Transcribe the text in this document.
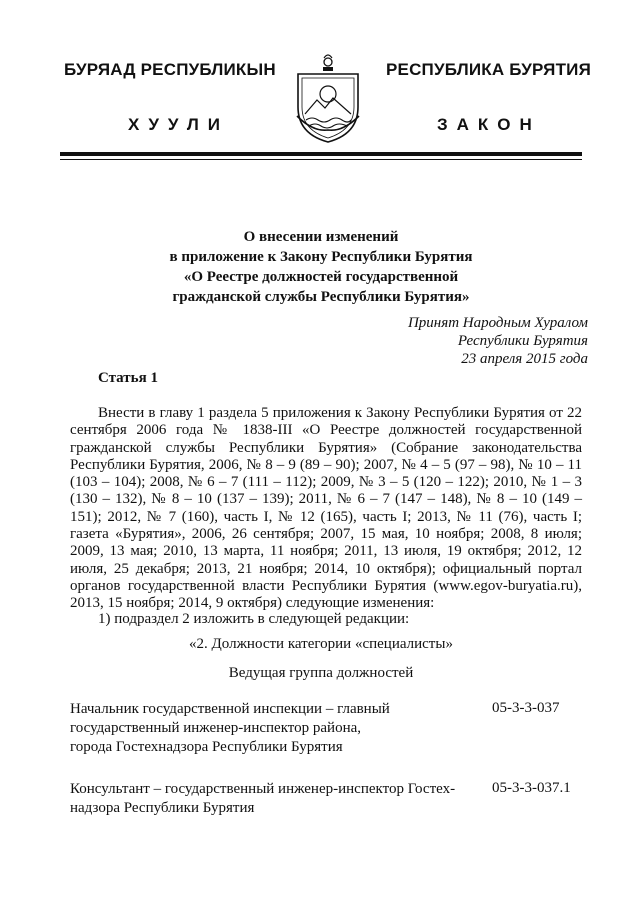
БУРЯАД РЕСПУБЛИКЫН
ХУУЛИ
РЕСПУБЛИКА БУРЯТИЯ
ЗАКОН
О внесении изменений
в приложение к Закону Республики Бурятия
«О Реестре должностей государственной
гражданской службы Республики Бурятия»
Принят Народным Хуралом
Республики Бурятия
23 апреля 2015 года
Статья 1

Внести в главу 1 раздела 5 приложения к Закону Республики Бурятия от 22 сентября 2006 года № 1838-III «О Реестре должностей государственной гражданской службы Республики Бурятия» (Собрание законодательства Республики Бурятия, 2006, № 8 – 9 (89 – 90); 2007, № 4 – 5 (97 – 98), № 10 – 11 (103 – 104); 2008, № 6 – 7 (111 – 112); 2009, № 3 – 5 (120 – 122); 2010, № 1 – 3 (130 – 132), № 8 – 10 (137 – 139); 2011, № 6 – 7 (147 – 148), № 8 – 10 (149 – 151); 2012, № 7 (160), часть I, № 12 (165), часть I; 2013, № 11 (76), часть I; газета «Бурятия», 2006, 26 сентября; 2007, 15 мая, 10 ноября; 2008, 8 июля; 2009, 13 мая; 2010, 13 марта, 11 ноября; 2011, 13 июля, 19 октября; 2012, 12 июля, 25 декабря; 2013, 21 ноября; 2014, 10 октября); официальный портал органов государственной власти Республики Бурятия (www.egov-buryatia.ru), 2013, 15 ноября; 2014, 9 октября) следующие изменения:

1) подраздел 2 изложить в следующей редакции:
«2. Должности категории «специалисты»
Ведущая группа должностей
Начальник государственной инспекции – главный
государственный инженер-инспектор района,
города Гостехнадзора Республики Бурятия
05-3-3-037
Консультант – государственный инженер-инспектор Гостех-
надзора Республики Бурятия
05-3-3-037.1
